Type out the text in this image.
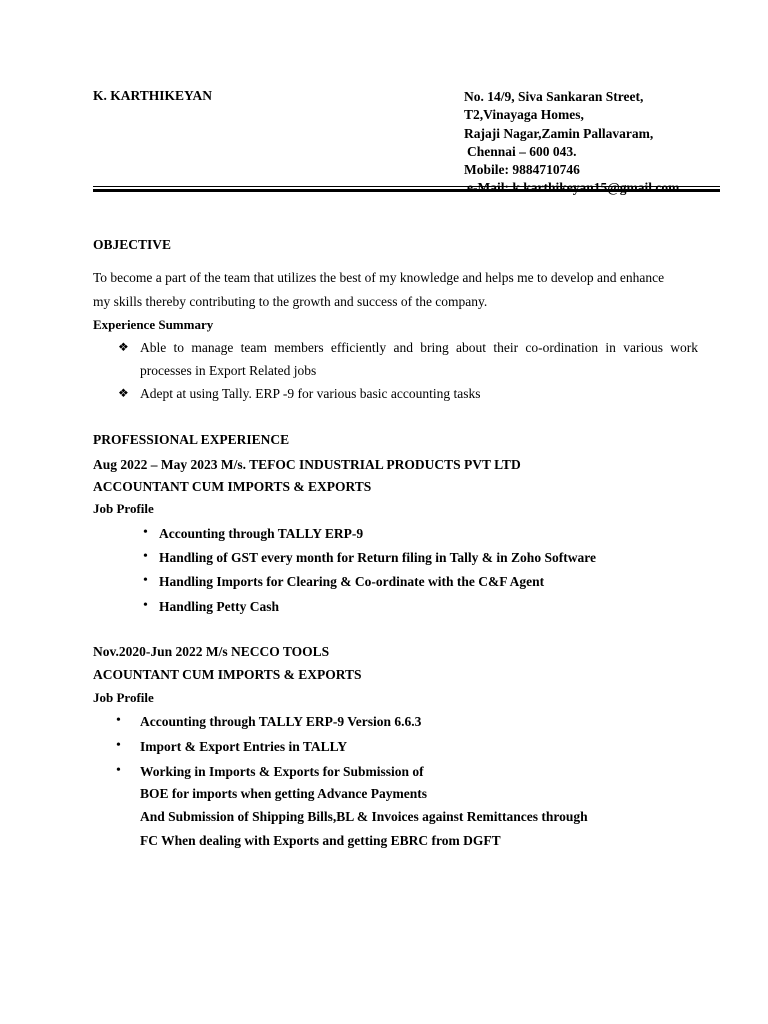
K. KARTHIKEYAN	No. 14/9, Siva Sankaran Street,
T2,Vinayaga Homes,
Rajaji Nagar,Zamin Pallavaram,
Chennai – 600 043.
Mobile: 9884710746
e-Mail: k.karthikeyan15@gmail.com
OBJECTIVE
To become a part of the team that utilizes the best of my knowledge and helps me to develop and enhance
my skills thereby contributing to the growth and success of the company.
Experience Summary
❖ Able to manage team members efficiently and bring about their co-ordination in various work
processes in Export Related jobs
❖ Adept at using Tally. ERP -9 for various basic accounting tasks
PROFESSIONAL EXPERIENCE
Aug 2022 – May 2023 M/s. TEFOC INDUSTRIAL PRODUCTS PVT LTD
ACCOUNTANT CUM IMPORTS & EXPORTS
Job Profile
• Accounting through TALLY ERP-9
• Handling of GST every month for Return filing in Tally & in Zoho Software
• Handling Imports for Clearing & Co-ordinate with the C&F Agent
• Handling Petty Cash
Nov.2020-Jun 2022 M/s NECCO TOOLS
ACOUNTANT CUM IMPORTS & EXPORTS
Job Profile
• Accounting through TALLY ERP-9 Version 6.6.3
• Import & Export Entries in TALLY
• Working in Imports & Exports for Submission of
BOE for imports when getting Advance Payments
And Submission of Shipping Bills,BL & Invoices against Remittances through
FC When dealing with Exports and getting EBRC from DGFT
